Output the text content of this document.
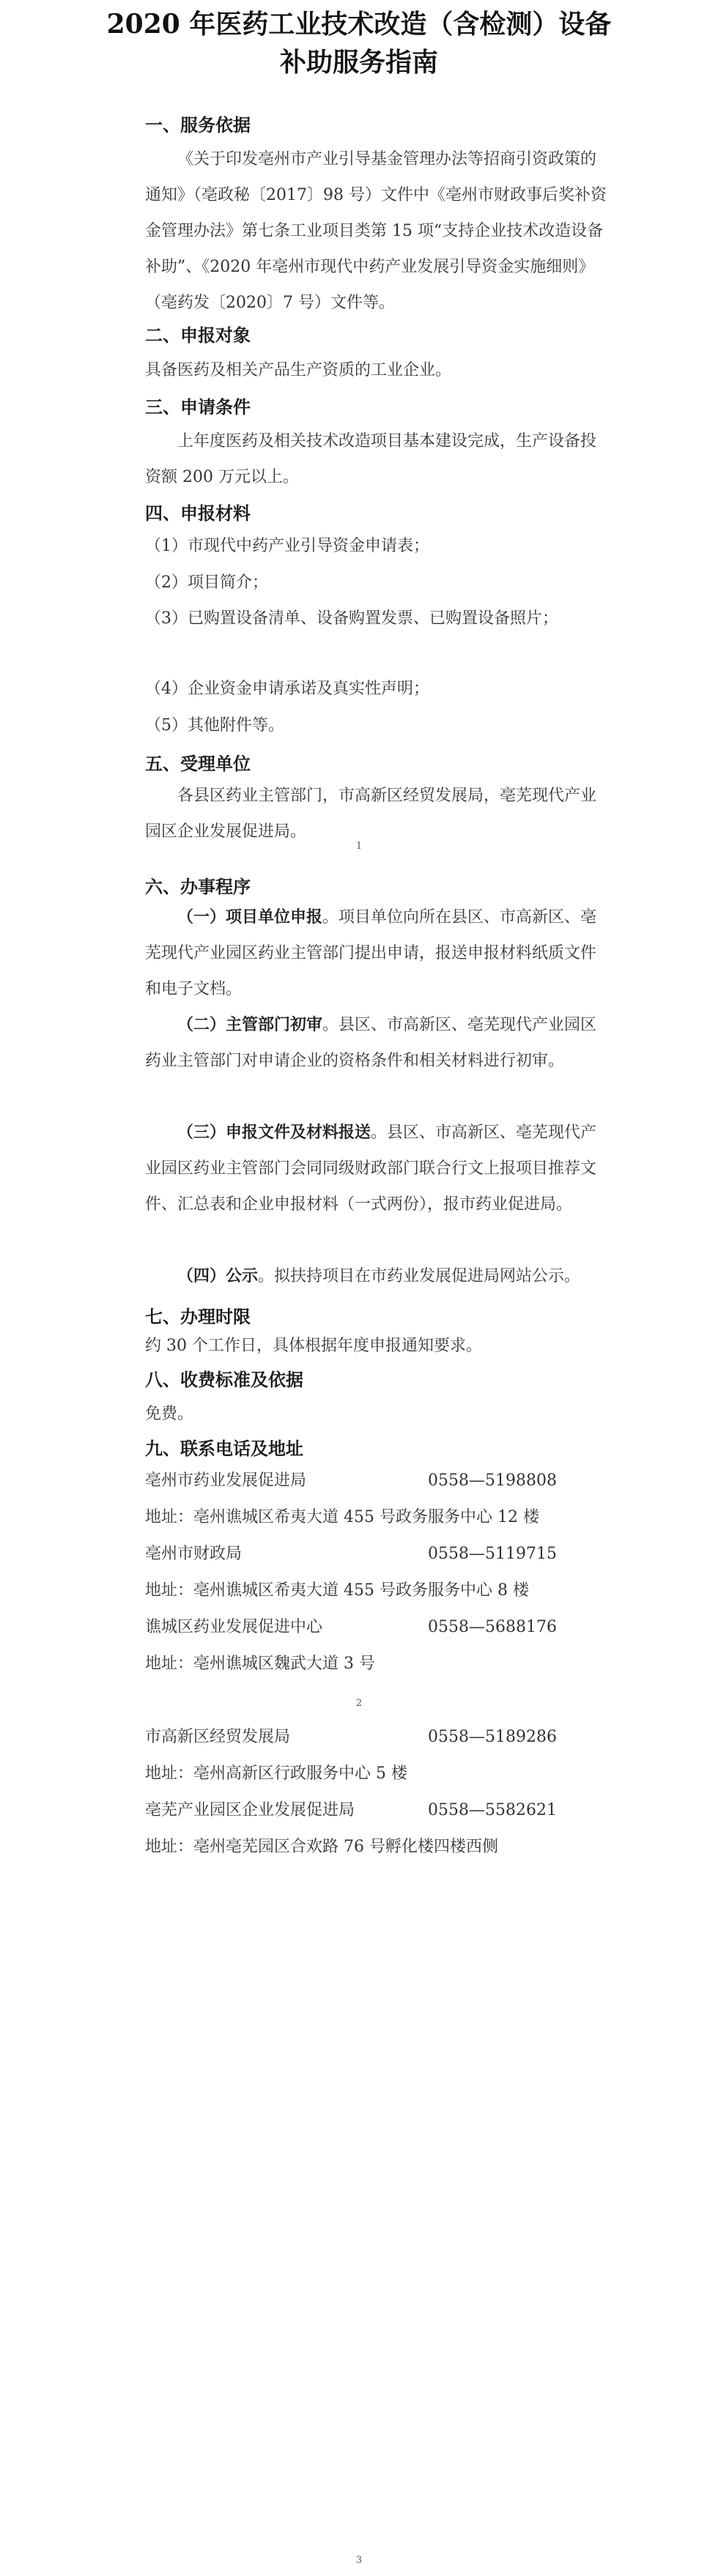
2020 年医药工业技术改造（含检测）设备
补助服务指南
一、服务依据
《关于印发亳州市产业引导基金管理办法等招商引资政策的通知》（亳政秘〔2017〕98 号）文件中《亳州市财政事后奖补资金管理办法》第七条工业项目类第 15 项“支持企业技术改造设备补助”、《2020 年亳州市现代中药产业发展引导资金实施细则》（亳药发〔2020〕7 号）文件等。
二、申报对象
具备医药及相关产品生产资质的工业企业。
三、申请条件
上年度医药及相关技术改造项目基本建设完成，生产设备投资额 200 万元以上。
四、申报材料
（1）市现代中药产业引导资金申请表；
（2）项目简介；
（3）已购置设备清单、设备购置发票、已购置设备照片；
（4）企业资金申请承诺及真实性声明；
（5）其他附件等。
五、受理单位
各县区药业主管部门，市高新区经贸发展局，亳芜现代产业园区企业发展促进局。
1
六、办事程序
（一）项目单位申报。项目单位向所在县区、市高新区、亳芜现代产业园区药业主管部门提出申请，报送申报材料纸质文件和电子文档。
（二）主管部门初审。县区、市高新区、亳芜现代产业园区药业主管部门对申请企业的资格条件和相关材料进行初审。
（三）申报文件及材料报送。县区、市高新区、亳芜现代产业园区药业主管部门会同同级财政部门联合行文上报项目推荐文件、汇总表和企业申报材料（一式两份），报市药业促进局。
（四）公示。拟扶持项目在市药业发展促进局网站公示。
七、办理时限
约 30 个工作日，具体根据年度申报通知要求。
八、收费标准及依据
免费。
九、联系电话及地址
亳州市药业发展促进局	0558—5198808
地址：亳州谯城区希夷大道 455 号政务服务中心 12 楼
亳州市财政局	0558—5119715
地址：亳州谯城区希夷大道 455 号政务服务中心 8 楼
谯城区药业发展促进中心	0558—5688176
地址：亳州谯城区魏武大道 3 号
2
市高新区经贸发展局	0558—5189286
地址：亳州高新区行政服务中心 5 楼
亳芜产业园区企业发展促进局	0558—5582621
地址：亳州亳芜园区合欢路 76 号孵化楼四楼西侧
3
